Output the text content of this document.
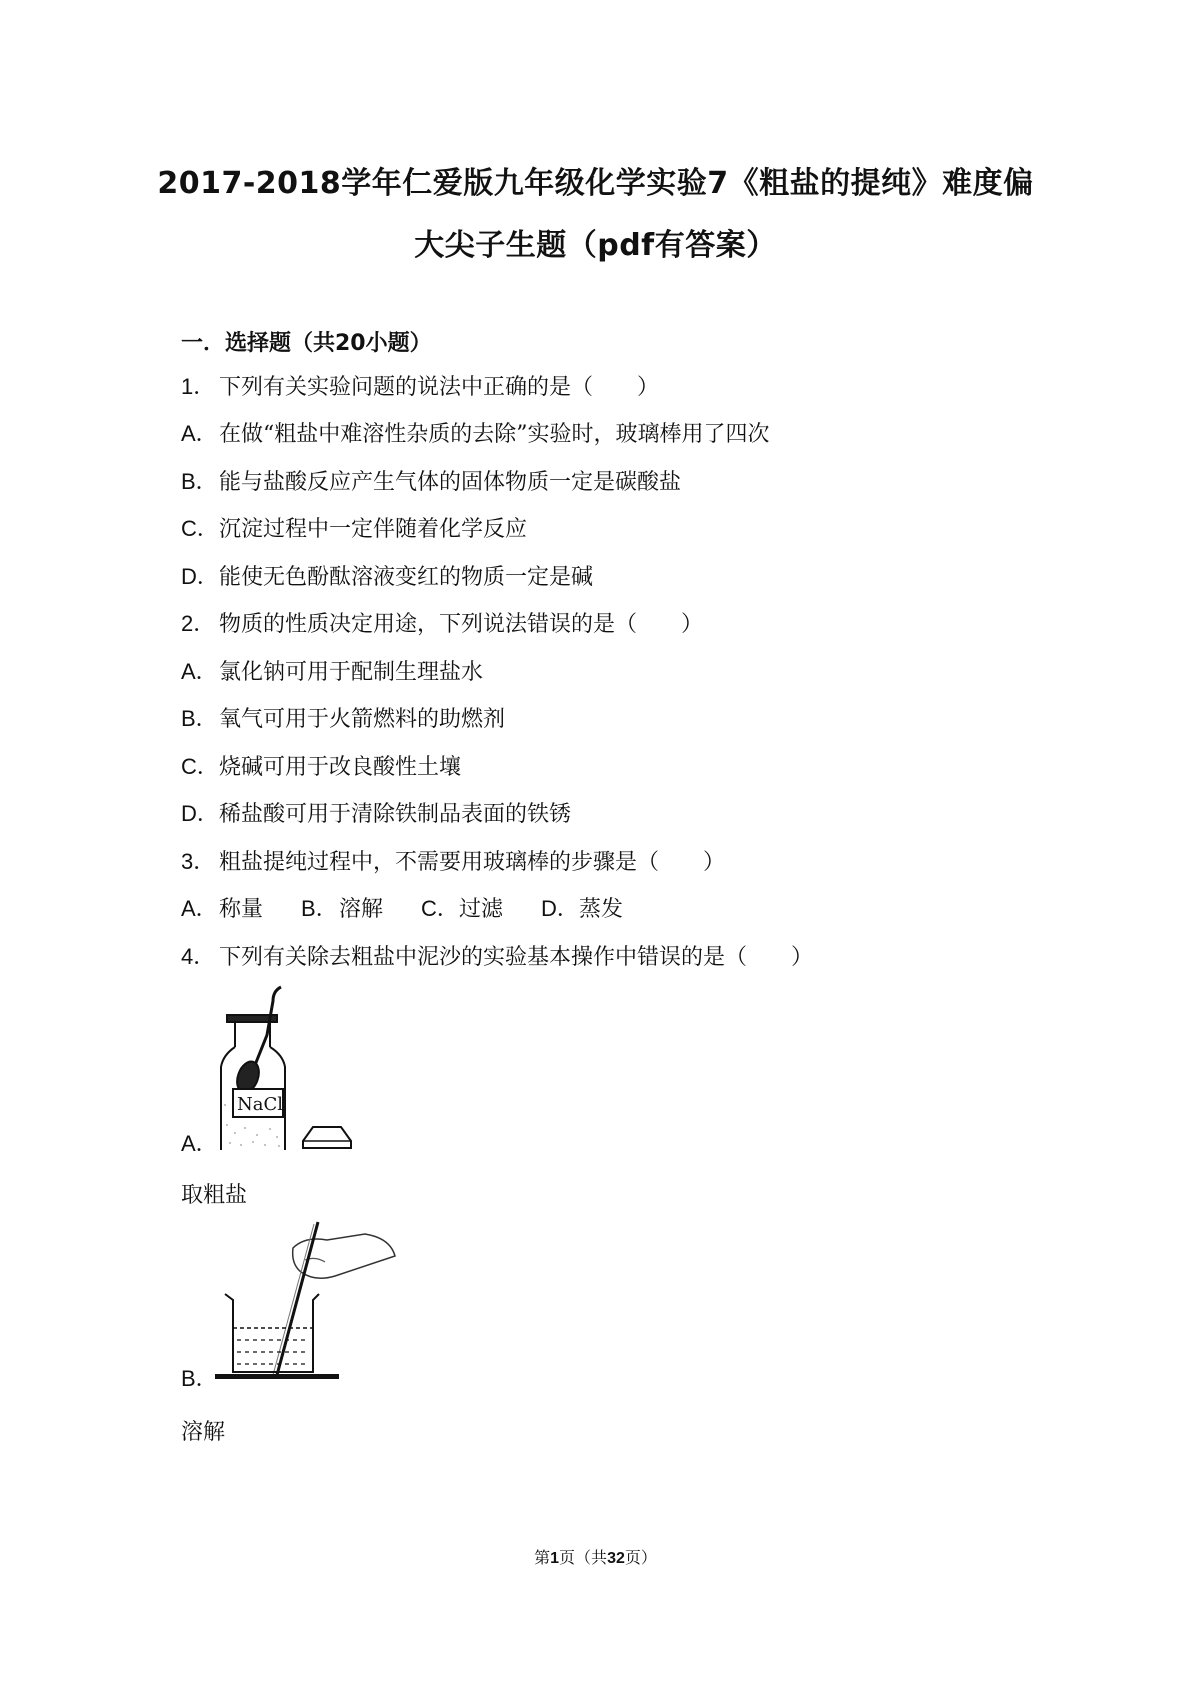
2017-2018学年仁爱版九年级化学实验7《粗盐的提纯》难度偏
大尖子生题（pdf有答案）
一．选择题（共20小题）
1． 下列有关实验问题的说法中正确的是（　　）
A．在做“粗盐中难溶性杂质的去除”实验时，玻璃棒用了四次
B．能与盐酸反应产生气体的固体物质一定是碳酸盐
C．沉淀过程中一定伴随着化学反应
D．能使无色酚酞溶液变红的物质一定是碱
2． 物质的性质决定用途，下列说法错误的是（　　）
A．氯化钠可用于配制生理盐水
B．氧气可用于火箭燃料的助燃剂
C．烧碱可用于改良酸性土壤
D．稀盐酸可用于清除铁制品表面的铁锈
3． 粗盐提纯过程中，不需要用玻璃棒的步骤是（　　）
A．称量 B．溶解 C．过滤 D．蒸发
4． 下列有关除去粗盐中泥沙的实验基本操作中错误的是（　　）
NaCl
A．
取粗盐
B．
溶解
第1页（共32页）
